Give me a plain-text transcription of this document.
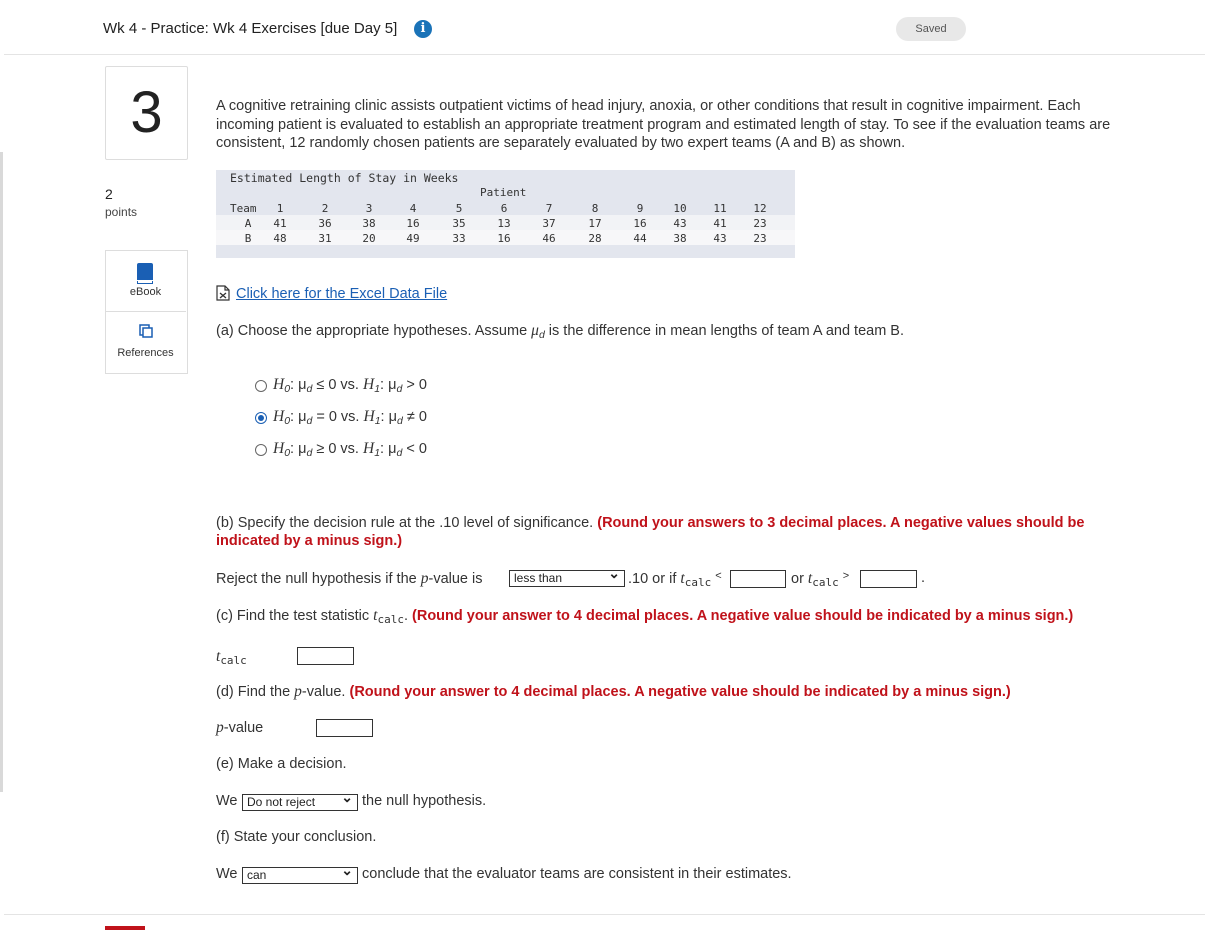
Wk 4 - Practice: Wk 4 Exercises [due Day 5]	i	Saved
3
2
points
eBook
References
A cognitive retraining clinic assists outpatient victims of head injury, anoxia, or other conditions that result in cognitive impairment. Each incoming patient is evaluated to establish an appropriate treatment program and estimated length of stay. To see if the evaluation teams are consistent, 12 randomly chosen patients are separately evaluated by two expert teams (A and B) as shown.
Estimated Length of Stay in Weeks
Patient
Team	1	2	3	4	5	6	7	8	9	10	11	12
A	41	36	38	16	35	13	37	17	16	43	41	23
B	48	31	20	49	33	16	46	28	44	38	43	23
Click here for the Excel Data File
(a) Choose the appropriate hypotheses. Assume $\mu_d$ is the difference in mean lengths of team A and team B.
$H_0$: $\mu_d \le 0$ vs. $H_1$: $\mu_d > 0$
$H_0$: $\mu_d = 0$ vs. $H_1$: $\mu_d \ne 0$
$H_0$: $\mu_d \ge 0$ vs. $H_1$: $\mu_d < 0$
(b) Specify the decision rule at the .10 level of significance. (Round your answers to 3 decimal places. A negative values should be indicated by a minus sign.)
Reject the null hypothesis if the p-value is	less than ⌄	.10 or if $t_{calc}$ <	or $t_{calc}$ >	.
(c) Find the test statistic $t_{calc}$. (Round your answer to 4 decimal places. A negative value should be indicated by a minus sign.)
$t_{calc}$
(d) Find the p-value. (Round your answer to 4 decimal places. A negative value should be indicated by a minus sign.)
p-value
(e) Make a decision.
We Do not reject ⌄	the null hypothesis.
(f) State your conclusion.
We can ⌄	conclude that the evaluator teams are consistent in their estimates.
